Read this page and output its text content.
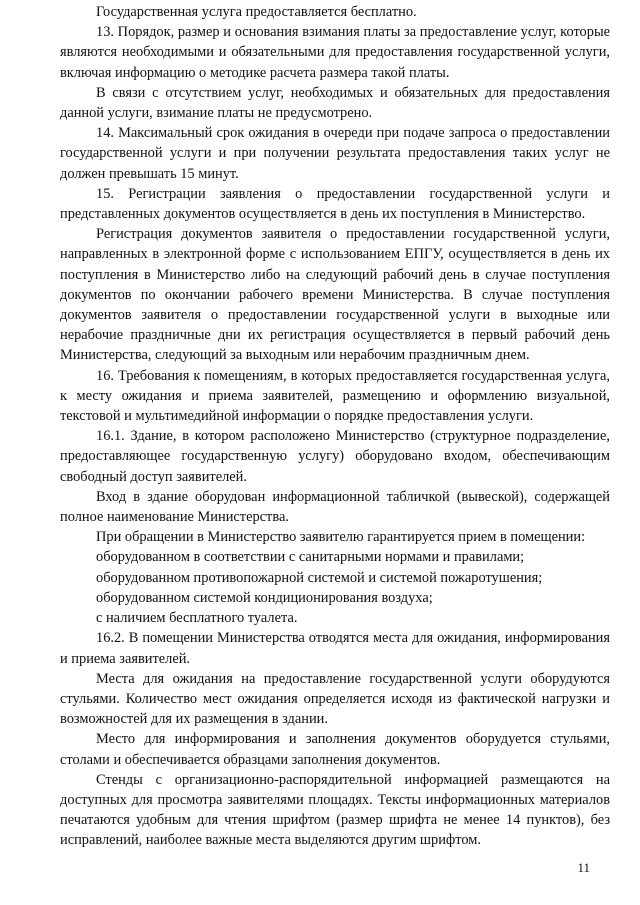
Государственная услуга предоставляется бесплатно.

13. Порядок, размер и основания взимания платы за предоставление услуг, которые являются необходимыми и обязательными для предоставления государственной услуги, включая информацию о методике расчета размера такой платы.

В связи с отсутствием услуг, необходимых и обязательных для предоставления данной услуги, взимание платы не предусмотрено.

14. Максимальный срок ожидания в очереди при подаче запроса о предоставлении государственной услуги и при получении результата предоставления таких услуг не должен превышать 15 минут.

15. Регистрации заявления о предоставлении государственной услуги и представленных документов осуществляется в день их поступления в Министерство.

Регистрация документов заявителя о предоставлении государственной услуги, направленных в электронной форме с использованием ЕПГУ, осуществляется в день их поступления в Министерство либо на следующий рабочий день в случае поступления документов по окончании рабочего времени Министерства. В случае поступления документов заявителя о предоставлении государственной услуги в выходные или нерабочие праздничные дни их регистрация осуществляется в первый рабочий день Министерства, следующий за выходным или нерабочим праздничным днем.

16. Требования к помещениям, в которых предоставляется государственная услуга, к месту ожидания и приема заявителей, размещению и оформлению визуальной, текстовой и мультимедийной информации о порядке предоставления услуги.

16.1. Здание, в котором расположено Министерство (структурное подразделение, предоставляющее государственную услугу) оборудовано входом, обеспечивающим свободный доступ заявителей.

Вход в здание оборудован информационной табличкой (вывеской), содержащей полное наименование Министерства.

При обращении в Министерство заявителю гарантируется прием в помещении:

оборудованном в соответствии с санитарными нормами и правилами;

оборудованном противопожарной системой и системой пожаротушения;

оборудованном системой кондиционирования воздуха;

с наличием бесплатного туалета.

16.2. В помещении Министерства отводятся места для ожидания, информирования и приема заявителей.

Места для ожидания на предоставление государственной услуги оборудуются стульями. Количество мест ожидания определяется исходя из фактической нагрузки и возможностей для их размещения в здании.

Место для информирования и заполнения документов оборудуется стульями, столами и обеспечивается образцами заполнения документов.

Стенды с организационно-распорядительной информацией размещаются на доступных для просмотра заявителями площадях. Тексты информационных материалов печатаются удобным для чтения шрифтом (размер шрифта не менее 14 пунктов), без исправлений, наиболее важные места выделяются другим шрифтом.

11
